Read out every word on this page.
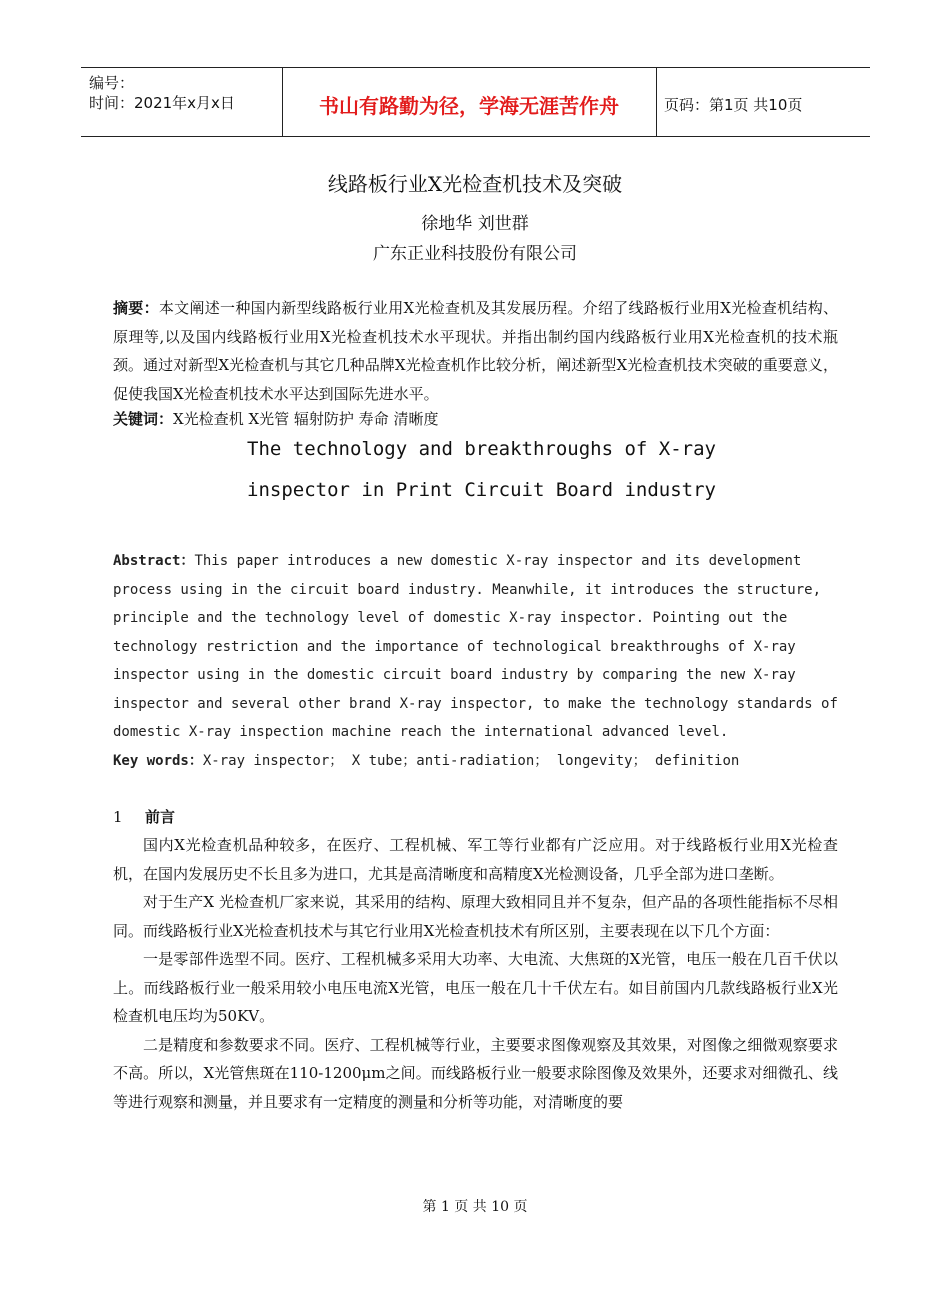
编号：
时间：2021年x月x日	书山有路勤为径，学海无涯苦作舟	页码：第1页 共10页
线路板行业X光检查机技术及突破
徐地华 刘世群
广东正业科技股份有限公司
摘要：本文阐述一种国内新型线路板行业用X光检查机及其发展历程。介绍了线路板行业用X光检查机结构、原理等,以及国内线路板行业用X光检查机技术水平现状。并指出制约国内线路板行业用X光检查机的技术瓶颈。通过对新型X光检查机与其它几种品牌X光检查机作比较分析，阐述新型X光检查机技术突破的重要意义，促使我国X光检查机技术水平达到国际先进水平。
关键词：X光检查机 X光管 辐射防护 寿命 清晰度
The technology and breakthroughs of X-ray
inspector in Print Circuit Board industry
Abstract：This paper introduces a new domestic X-ray inspector and its development
process using in the circuit board industry. Meanwhile, it introduces the structure,
principle and the technology level of domestic X-ray inspector. Pointing out the
technology restriction and the importance of technological breakthroughs of X-ray
inspector using in the domestic circuit board industry by comparing the new X-ray
inspector and several other brand X-ray inspector, to make the technology standards of
domestic X-ray inspection machine reach the international advanced level.
Key words：X-ray inspector； X tube；anti-radiation； longevity； definition
1 前言

国内X光检查机品种较多，在医疗、工程机械、军工等行业都有广泛应用。对于线路板行业用X光检查机，在国内发展历史不长且多为进口，尤其是高清晰度和高精度X光检测设备，几乎全部为进口垄断。

对于生产X 光检查机厂家来说，其采用的结构、原理大致相同且并不复杂，但产品的各项性能指标不尽相同。而线路板行业X光检查机技术与其它行业用X光检查机技术有所区别，主要表现在以下几个方面：

一是零部件选型不同。医疗、工程机械多采用大功率、大电流、大焦斑的X光管，电压一般在几百千伏以上。而线路板行业一般采用较小电压电流X光管，电压一般在几十千伏左右。如目前国内几款线路板行业X光检查机电压均为50KV。

二是精度和参数要求不同。医疗、工程机械等行业，主要要求图像观察及其效果，对图像之细微观察要求不高。所以，X光管焦斑在110-1200μm之间。而线路板行业一般要求除图像及效果外，还要求对细微孔、线等进行观察和测量，并且要求有一定精度的测量和分析等功能，对清晰度的要

第 1 页 共 10 页
